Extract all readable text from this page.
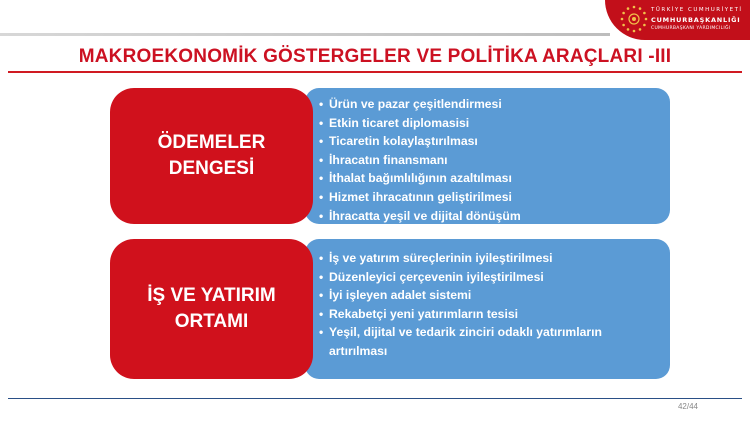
TÜRKİYE CUMHURİYETİ
CUMHURBAŞKANLIĞI
CUMHURBAŞKANI YARDIMCILIĞI
MAKROEKONOMİK GÖSTERGELER VE POLİTİKA ARAÇLARI -III
• Ürün ve pazar çeşitlendirmesi
• Etkin ticaret diplomasisi
• Ticaretin kolaylaştırılması
• İhracatın finansmanı
• İthalat bağımlılığının azaltılması
• Hizmet ihracatının geliştirilmesi
• İhracatta yeşil ve dijital dönüşüm
ÖDEMELER
DENGESİ
• İş ve yatırım süreçlerinin iyileştirilmesi
• Düzenleyici çerçevenin iyileştirilmesi
• İyi işleyen adalet sistemi
• Rekabetçi yeni yatırımların tesisi
• Yeşil, dijital ve tedarik zinciri odaklı yatırımların artırılması
İŞ VE YATIRIM
ORTAMI
42/44
